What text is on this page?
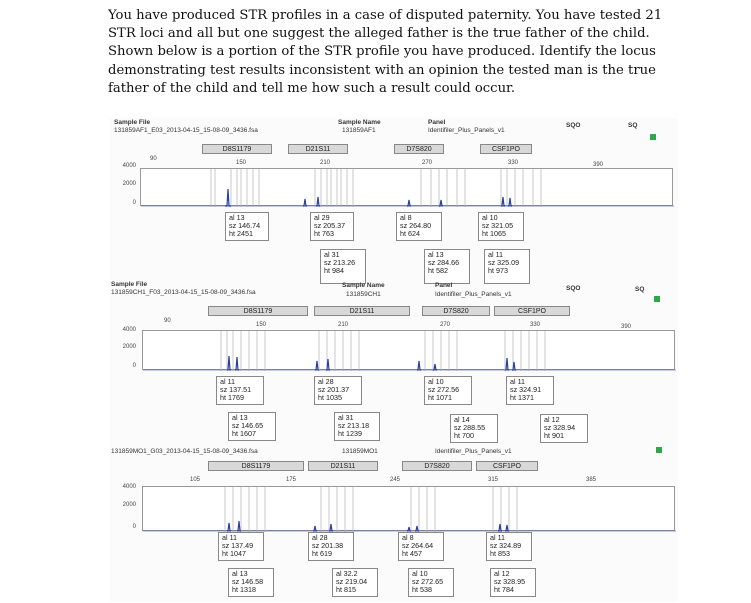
You have produced STR profiles in a case of disputed paternity. You have tested 21

STR loci and all but one suggest the alleged father is the true father of the child.

Shown below is a portion of the STR profile you have produced. Identify the locus

demonstrating test results inconsistent with an opinion the tested man is the true

father of the child and tell me how such a result could occur.

Sample File
131859AF1_E03_2013-04-15_15-08-09_3436.fsa
Sample Name
131859AF1
Panel
Identifiler_Plus_Panels_v1
SQO	SQ
D8S1179	D21S11	D7S820	CSF1PO
90
150	210	270	330	390
4000
2000
0
al 13
sz 146.74
ht 2451
al 29
sz 205.37
ht 763
al 31
sz 213.26
ht 984
al 8
sz 264.80
ht 624
al 13
sz 284.66
ht 582
al 10
sz 321.05
ht 1065
al 11
sz 325.09
ht 973
Sample File
131859CH1_F03_2013-04-15_15-08-09_3436.fsa
Sample Name
131859CH1
Panel
Identifiler_Plus_Panels_v1
SQO	SQ
D8S1179	D21S11	D7S820	CSF1PO
90
150	210	270	330	390
4000
2000
0
al 11
sz 137.51
ht 1769
al 13
sz 146.65
ht 1607
al 28
sz 201.37
ht 1035
al 31
sz 213.18
ht 1239
al 10
sz 272.56
ht 1071
al 14
sz 288.55
ht 700
al 11
sz 324.91
ht 1371
al 12
sz 328.94
ht 901
131859MO1_G03_2013-04-15_15-08-09_3436.fsa	131859MO1	Identifiler_Plus_Panels_v1
D8S1179	D21S11	D7S820	CSF1PO
105	175	245	315	385
4000
2000
0
al 11
sz 137.49
ht 1047
al 13
sz 146.58
ht 1318
al 28
sz 201.38
ht 619
al 32.2
sz 219.04
ht 815
al 8
sz 264.64
ht 457
al 10
sz 272.65
ht 538
al 11
sz 324.89
ht 853
al 12
sz 328.95
ht 784
